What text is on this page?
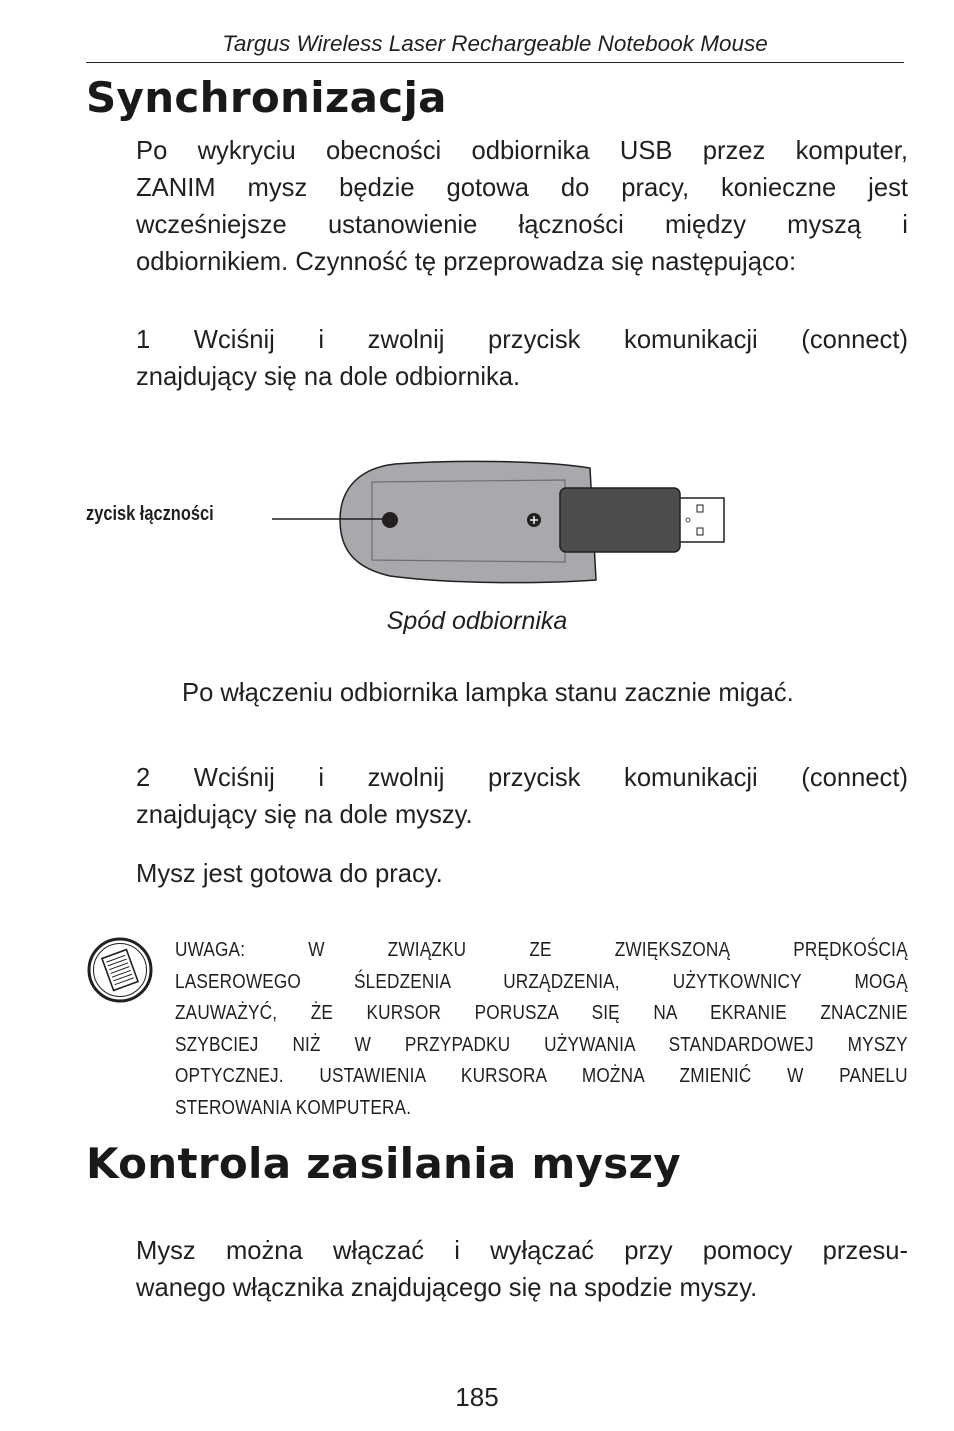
Targus Wireless Laser Rechargeable Notebook Mouse
Synchronizacja
Po wykryciu obecności odbiornika USB przez komputer,
ZANIM mysz będzie gotowa do pracy, konieczne jest
wcześniejsze ustanowienie łączności między myszą i
odbiornikiem. Czynność tę przeprowadza się następująco:
1 Wciśnij i zwolnij przycisk komunikacji (connect)
znajdujący się na dole odbiornika.
zycisk łączności
Spód odbiornika
Po włączeniu odbiornika lampka stanu zacznie migać.
2 Wciśnij i zwolnij przycisk komunikacji (connect)
znajdujący się na dole myszy.
Mysz jest gotowa do pracy.
UWAGA: W ZWIĄZKU ZE ZWIĘKSZONĄ PRĘDKOŚCIĄ
LASEROWEGO ŚLEDZENIA URZĄDZENIA, UŻYTKOWNICY MOGĄ
ZAUWAŻYĆ, ŻE KURSOR PORUSZA SIĘ NA EKRANIE ZNACZNIE
SZYBCIEJ NIŻ W PRZYPADKU UŻYWANIA STANDARDOWEJ MYSZY
OPTYCZNEJ. USTAWIENIA KURSORA MOŻNA ZMIENIĆ W PANELU
STEROWANIA KOMPUTERA.
Kontrola zasilania myszy
Mysz można włączać i wyłączać przy pomocy przesu-
wanego włącznika znajdującego się na spodzie myszy.
185
